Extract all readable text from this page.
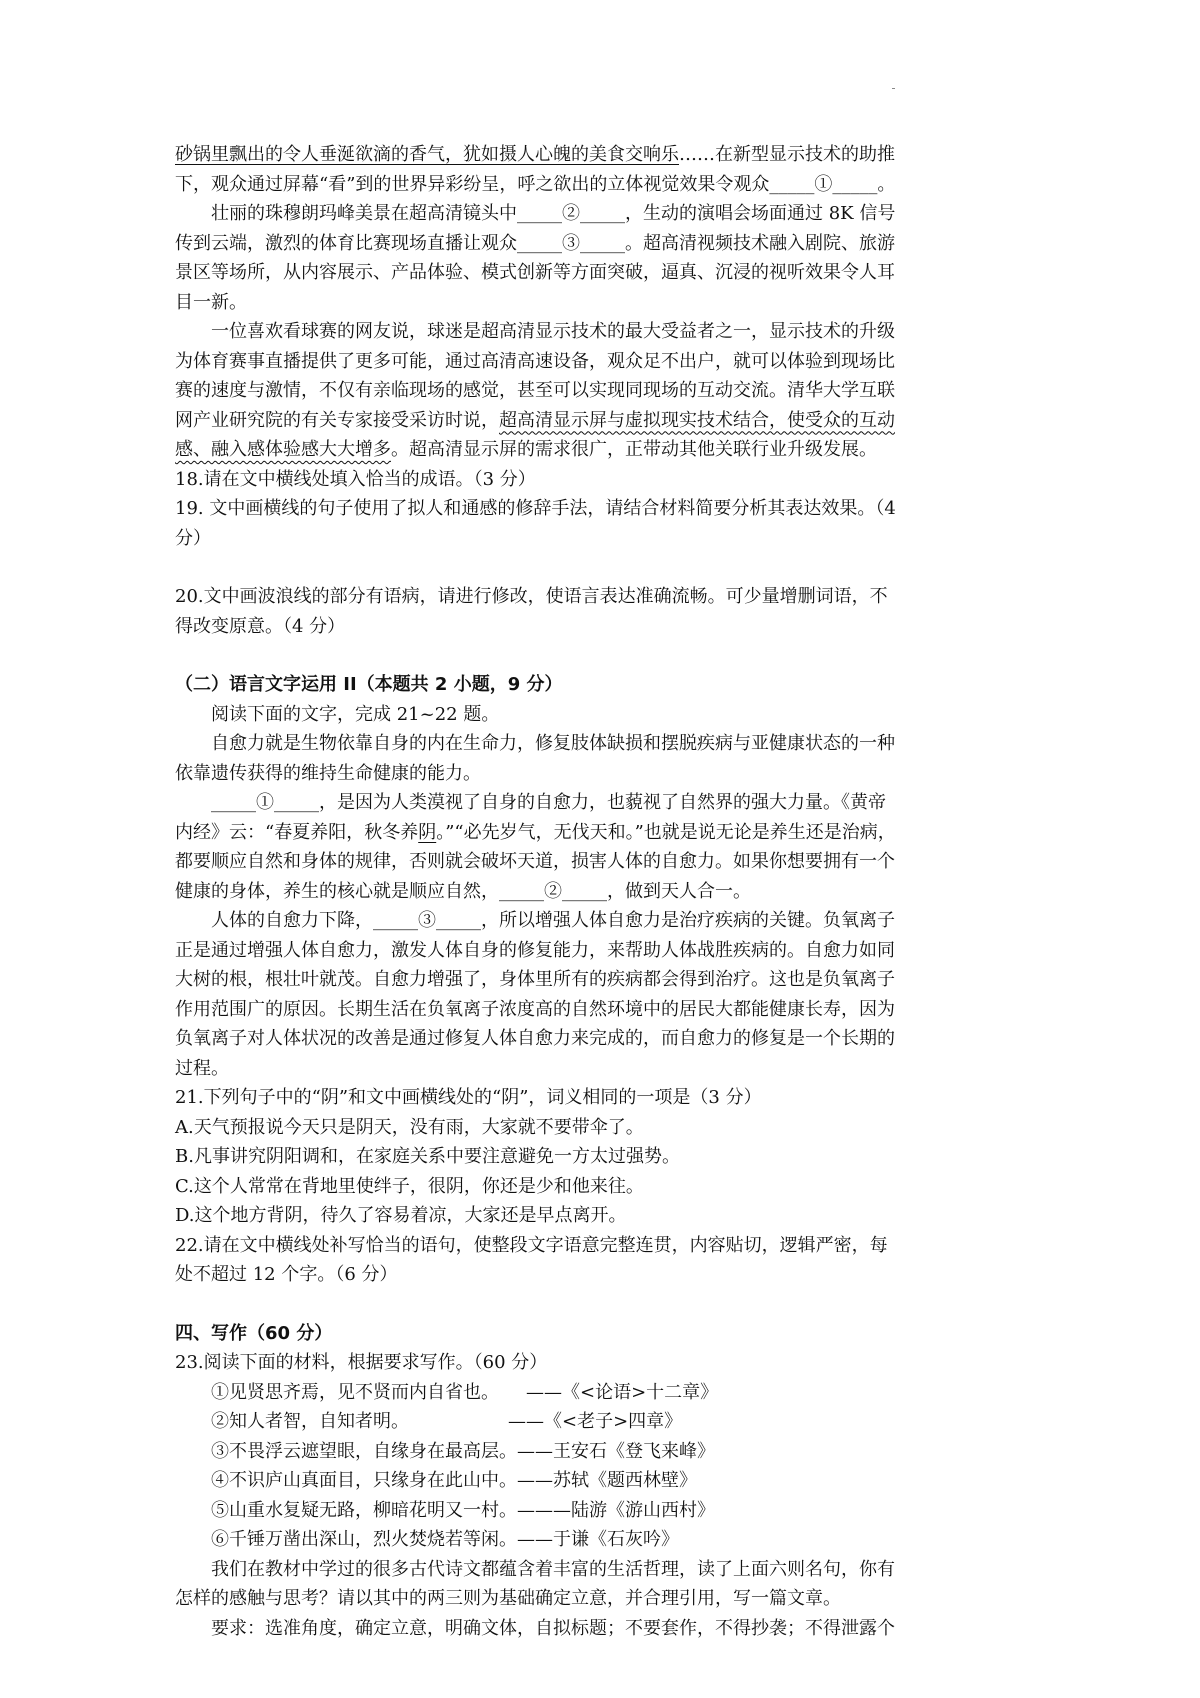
砂锅里飘出的令人垂涎欲滴的香气，犹如摄人心魄的美食交响乐……在新型显示技术的助推

下，观众通过屏幕“看”到的世界异彩纷呈，呼之欲出的立体视觉效果令观众_____①_____。

壮丽的珠穆朗玛峰美景在超高清镜头中_____②_____，生动的演唱会场面通过 8K 信号

传到云端，激烈的体育比赛现场直播让观众_____③_____。超高清视频技术融入剧院、旅游

景区等场所，从内容展示、产品体验、模式创新等方面突破，逼真、沉浸的视听效果令人耳

目一新。

一位喜欢看球赛的网友说，球迷是超高清显示技术的最大受益者之一，显示技术的升级

为体育赛事直播提供了更多可能，通过高清高速设备，观众足不出户，就可以体验到现场比

赛的速度与激情，不仅有亲临现场的感觉，甚至可以实现同现场的互动交流。清华大学互联

网产业研究院的有关专家接受采访时说，超高清显示屏与虚拟现实技术结合，使受众的互动

感、融入感体验感大大增多。超高清显示屏的需求很广，正带动其他关联行业升级发展。

18.请在文中横线处填入恰当的成语。（3 分）

19. 文中画横线的句子使用了拟人和通感的修辞手法，请结合材料简要分析其表达效果。（4

分）

20.文中画波浪线的部分有语病，请进行修改，使语言表达准确流畅。可少量增删词语，不

得改变原意。（4 分）

（二）语言文字运用 II（本题共 2 小题，9 分）

阅读下面的文字，完成 21~22 题。

自愈力就是生物依靠自身的内在生命力，修复肢体缺损和摆脱疾病与亚健康状态的一种

依靠遗传获得的维持生命健康的能力。

_____①_____，是因为人类漠视了自身的自愈力，也藐视了自然界的强大力量。《黄帝

内经》云：“春夏养阳，秋冬养阴。”“必先岁气，无伐天和。”也就是说无论是养生还是治病，

都要顺应自然和身体的规律，否则就会破坏天道，损害人体的自愈力。如果你想要拥有一个

健康的身体，养生的核心就是顺应自然，_____②_____，做到天人合一。

人体的自愈力下降，_____③_____，所以增强人体自愈力是治疗疾病的关键。负氧离子

正是通过增强人体自愈力，激发人体自身的修复能力，来帮助人体战胜疾病的。自愈力如同

大树的根，根壮叶就茂。自愈力增强了，身体里所有的疾病都会得到治疗。这也是负氧离子

作用范围广的原因。长期生活在负氧离子浓度高的自然环境中的居民大都能健康长寿，因为

负氧离子对人体状况的改善是通过修复人体自愈力来完成的，而自愈力的修复是一个长期的

过程。

21.下列句子中的“阴”和文中画横线处的“阴”，词义相同的一项是（3 分）

A.天气预报说今天只是阴天，没有雨，大家就不要带伞了。

B.凡事讲究阴阳调和，在家庭关系中要注意避免一方太过强势。

C.这个人常常在背地里使绊子，很阴，你还是少和他来往。

D.这个地方背阴，待久了容易着凉，大家还是早点离开。

22.请在文中横线处补写恰当的语句，使整段文字语意完整连贯，内容贴切，逻辑严密，每

处不超过 12 个字。（6 分）

四、写作（60 分）

23.阅读下面的材料，根据要求写作。（60 分）

①见贤思齐焉，见不贤而内自省也。　　——《<论语>十二章》

②知人者智，自知者明。　　　　　　——《<老子>四章》

③不畏浮云遮望眼，自缘身在最高层。——王安石《登飞来峰》

④不识庐山真面目，只缘身在此山中。——苏轼《题西林壁》

⑤山重水复疑无路，柳暗花明又一村。———陆游《游山西村》

⑥千锤万凿出深山，烈火焚烧若等闲。——于谦《石灰吟》

我们在教材中学过的很多古代诗文都蕴含着丰富的生活哲理，读了上面六则名句，你有

怎样的感触与思考？请以其中的两三则为基础确定立意，并合理引用，写一篇文章。

要求：选准角度，确定立意，明确文体，自拟标题；不要套作，不得抄袭；不得泄露个
